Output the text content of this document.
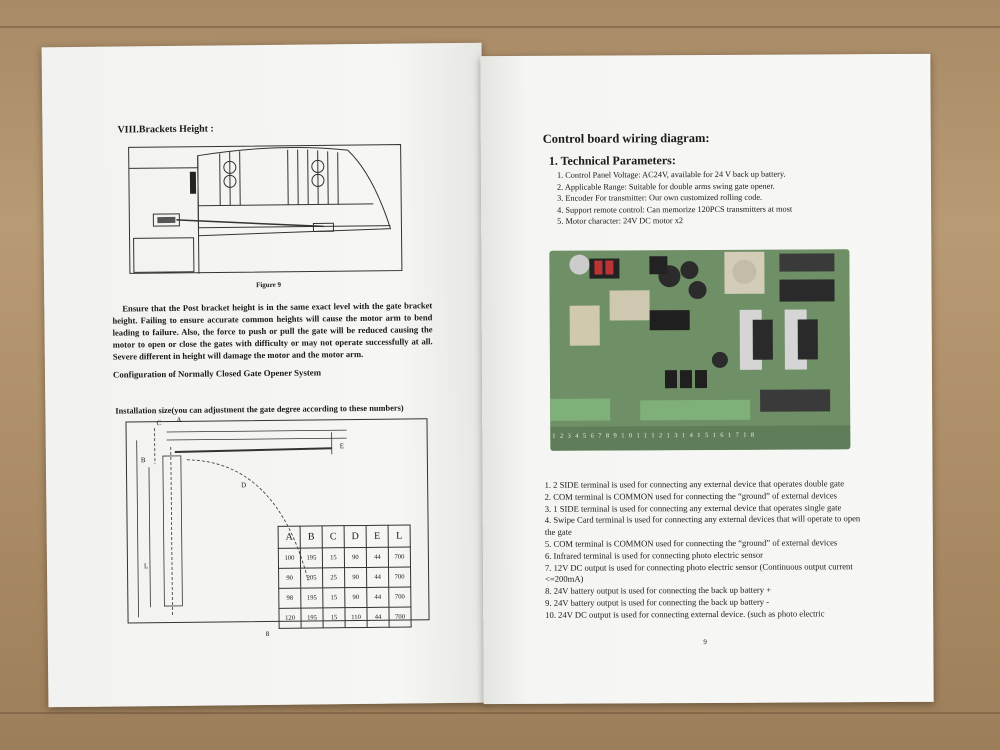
VIII.Brackets Height :
Figure 9
Ensure that the Post bracket height is in the same exact level with the gate bracket height. Failing to ensure accurate common heights will cause the motor arm to bend leading to failure. Also, the force to push or pull the gate will be reduced causing the motor to open or close the gates with difficulty or may not operate successfully at all. Severe different in height will damage the motor and the motor arm.
Configuration of Normally Closed Gate Opener System
Installation size(you can adjustment the gate degree according to these numbers)
C A
B
D
E
L
A	B	C	D	E	L
100	195	15	90	44	700
90	205	25	90	44	700
98	195	15	90	44	700
120	195	15	110	44	700
8
Control board wiring diagram:
1. Technical Parameters:
1. Control Panel Voltage: AC24V, available for 24 V back up battery.
2. Applicable Range: Suitable for double arms swing gate opener.
3. Encoder For transmitter: Our own customized rolling code.
4. Support remote control: Can memorize 120PCS transmitters at most
5. Motor character: 24V DC motor x2
123456789101112131415161718
1. 2 SIDE terminal is used for connecting any external device that operates double gate
2. COM terminal is COMMON used for connecting the “ground” of external devices
3. 1 SIDE terminal is used for connecting any external device that operates single gate
4. Swipe Card terminal is used for connecting any external devices that will operate to open the gate
5. COM terminal is COMMON used for connecting the “ground” of external devices
6. Infrared terminal is used for connecting photo electric sensor
7. 12V DC output is used for connecting photo electric sensor (Continuous output current <=200mA)
8. 24V battery output is used for connecting the back up battery +
9. 24V battery output is used for connecting the back up battery -
10. 24V DC output is used for connecting external device. (such as photo electric
9
